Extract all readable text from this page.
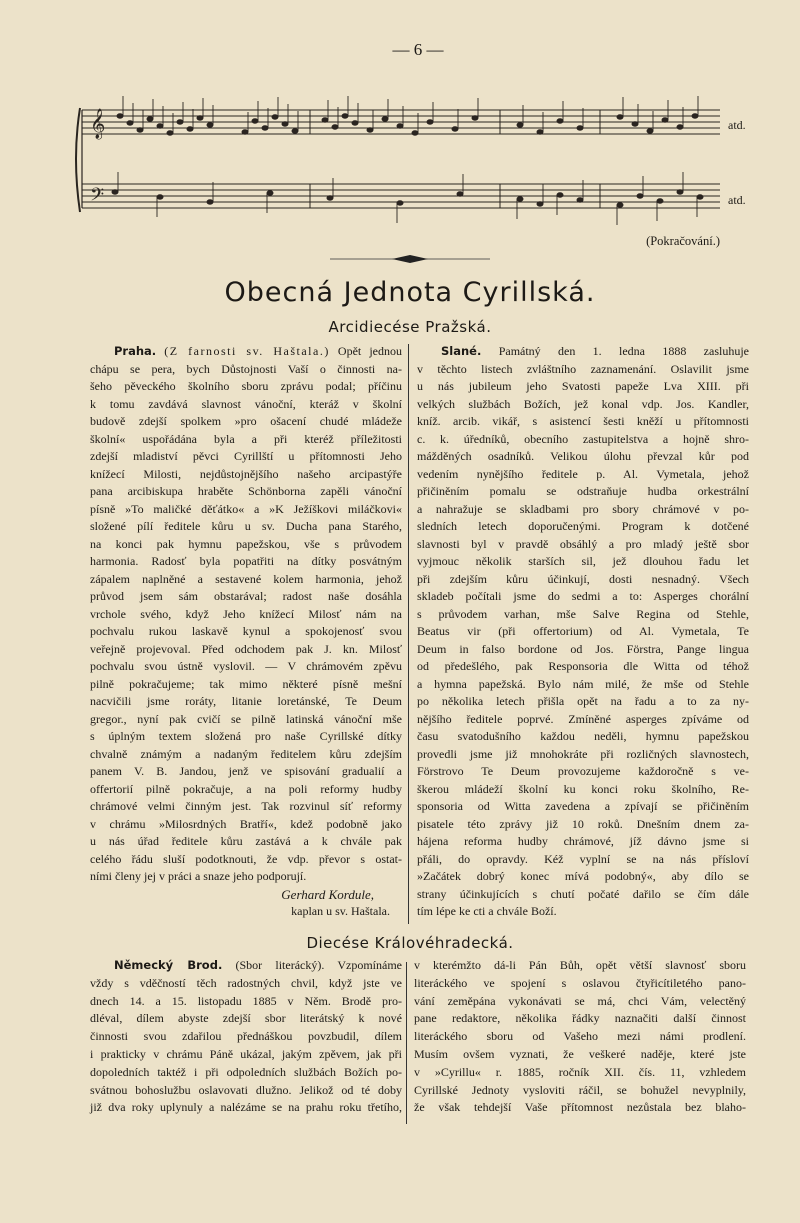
— 6 —
𝄞
𝄢
atd.
atd.
(Pokračování.)
Obecná Jednota Cyrillská.
Arcidiecése Pražská.
Praha. (Z farnosti sv. Haštala.) Opět jednou
chápu se pera, bych Důstojnosti Vaší o činnosti na-
šeho pěveckého školního sboru zprávu podal; příčinu
k tomu zavdává slavnost vánoční, kteráž v školní
budově zdejší spolkem »pro ošacení chudé mládeže
školní« uspořádána byla a při kteréž příležitosti
zdejší mladiství pěvci Cyrillští u přítomnosti Jeho
knížecí Milosti, nejdůstojnějšího našeho arcipastýře
pana arcibiskupa hraběte Schönborna zapěli vánoční
písně »To maličké děťátko« a »K Ježíškovi miláčkovi«
složené pílí ředitele kůru u sv. Ducha pana Starého,
na konci pak hymnu papežskou, vše s průvodem
harmonia. Radosť byla popatřiti na dítky posvátným
zápalem naplněné a sestavené kolem harmonia, jehož
průvod jsem sám obstarával; radost naše dosáhla
vrchole svého, když Jeho knížecí Milosť nám na
pochvalu rukou laskavě kynul a spokojenosť svou
veřejně projevoval. Před odchodem pak J. kn. Milosť
pochvalu svou ústně vyslovil. — V chrámovém zpěvu
pilně pokračujeme; tak mimo některé písně mešní
nacvičili jsme roráty, litanie loretánské, Te Deum
gregor., nyní pak cvičí se pilně latinská vánoční mše
s úplným textem složená pro naše Cyrillské dítky
chvalně známým a nadaným ředitelem kůru zdejším
panem V. B. Jandou, jenž ve spisování gradualií a
offertorií pilně pokračuje, a na poli reformy hudby
chrámové velmi činným jest. Tak rozvinul síť reformy
v chrámu »Milosrdných Bratří«, kdež podobně jako
u nás úřad ředitele kůru zastává a k chvále pak
celého řádu sluší podotknouti, že vdp. převor s ostat-
ními členy jej v práci a snaze jeho podporují.
Gerhard Kordule,
kaplan u sv. Haštala.
Slané. Památný den 1. ledna 1888 zasluhuje
v těchto listech zvláštního zaznamenání. Oslavilit jsme
u nás jubileum jeho Svatosti papeže Lva XIII. při
velkých službách Božích, jež konal vdp. Jos. Kandler,
kníž. arcib. vikář, s asistencí šesti kněží u přítomnosti
c. k. úředníků, obecního zastupitelstva a hojně shro-
mážděných osadníků. Velikou úlohu převzal kůr pod
vedením nynějšího ředitele p. Al. Vymetala, jehož
přičiněním pomalu se odstraňuje hudba orkestrální
a nahražuje se skladbami pro sbory chrámové v po-
sledních letech doporučenými. Program k dotčené
slavnosti byl v pravdě obsáhlý a pro mladý ještě sbor
vyjmouc několik starších sil, jež dlouhou řadu let
při zdejším kůru účinkují, dosti nesnadný. Všech
skladeb počítali jsme do sedmi a to: Asperges chorální
s průvodem varhan, mše Salve Regina od Stehle,
Beatus vir (při offertorium) od Al. Vymetala, Te
Deum in falso bordone od Jos. Förstra, Pange lingua
od předešlého, pak Responsoria dle Witta od téhož
a hymna papežská. Bylo nám milé, že mše od Stehle
po několika letech přišla opět na řadu a to za ny-
nějšího ředitele poprvé. Zmíněné asperges zpíváme od
času svatodušního každou neděli, hymnu papežskou
provedli jsme již mnohokráte při rozličných slavnostech,
Förstrovo Te Deum provozujeme každoročně s ve-
škerou mládeží školní ku konci roku školního, Re-
sponsoria od Witta zavedena a zpívají se přičiněním
pisatele této zprávy již 10 roků. Dnešním dnem za-
hájena reforma hudby chrámové, jíž dávno jsme si
přáli, do opravdy. Kéž vyplní se na nás přísloví
»Začátek dobrý konec mívá podobný«, aby dílo se
strany účinkujících s chutí počaté dařilo se čím dále
tím lépe ke cti a chvále Boží.
Diecése Královéhradecká.
Německý Brod. (Sbor literácký). Vzpomínáme
vždy s vděčností těch radostných chvil, když jste ve
dnech 14. a 15. listopadu 1885 v Něm. Brodě pro-
dléval, dílem abyste zdejší sbor literátský k nové
činnosti svou zdařilou přednáškou povzbudil, dílem
i prakticky v chrámu Páně ukázal, jakým zpěvem, jak při
dopoledních taktéž i při odpoledních službách Božích po-
svátnou bohoslužbu oslavovati dlužno. Jelikož od té doby
již dva roky uplynuly a nalézáme se na prahu roku třetího,
v kterémžto dá-li Pán Bůh, opět větší slavnosť sboru
literáckého ve spojení s oslavou čtyřicítiletého pano-
vání zeměpána vykonávati se má, chci Vám, velectěný
pane redaktore, několika řádky naznačiti další činnost
literáckého sboru od Vašeho mezi námi prodlení.
Musím ovšem vyznati, že veškeré naděje, které jste
v »Cyrillu« r. 1885, ročník XII. čís. 11, vzhledem
Cyrillské Jednoty vysloviti ráčil, se bohužel nevyplnily,
že však tehdejší Vaše přítomnost nezůstala bez blaho-
